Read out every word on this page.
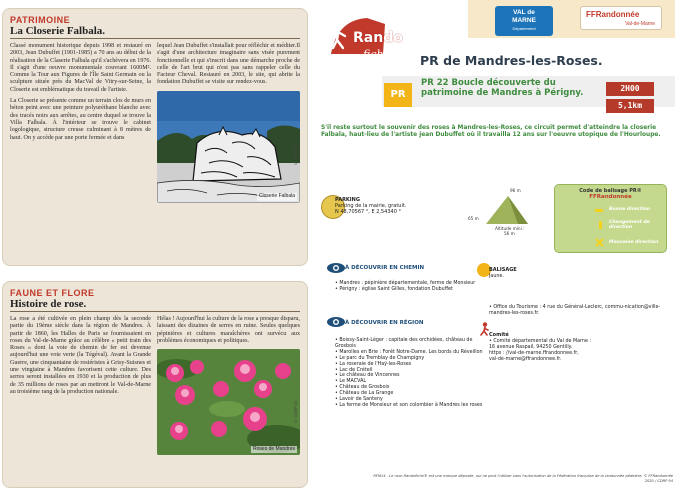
PATRIMOINE
La Closerie Falbala.

Classé monument historique depuis 1998 et restauré en 2003, Jean Dubuffet (1901-1985) a 70 ans au début de la réalisation de la Claserie Falbala qu'il s'achèvera en 1976. Il s'agit d'une oeuvre monumentale couvrant 1600M². Comme la Tour aux Figures de l'Île Saint Germain ou la sculpture située près du MacVal de Vitry-sur-Seine, la Closerie est emblématique du travail de l'artiste.

La Closerie se présente comme un terrain clos de murs en béton peint avec une peinture polyuréthane blanche avec des tracés noirs aux arrêtes, au centre duquel se trouve la Villa Falbala. À l'intérieur se trouve le cabinet logologique, structure creuse culminant à 8 mètres de haut. On y accède par une porte fermée et dans

lequel Jean Dubuffet s'installait pour réfléchir et méditer.Il s'agit d'une architecture imaginaire sans visée purement fonctionnelle et qui s'inscrit dans une démarche proche de celle de l'art brut qui n'est pas sans rappeler celle du Facteur Cheval. Restauré en 2003, le site, qui abrite la fondation Dubuffet se visite sur rendez-vous.

Closerie Falbala
© CDRP 94
FAUNE ET FLORE
Histoire de rose.

La rose a été cultivée en plein champ dès la seconde partie du 19ème siècle dans la région de Mandres. À partir de 1860, les Halles de Paris se fournissaient en roses du Val-de-Marne grâce au célèbre « petit train des Roses » dont la voie de chemin de fer est devenue aujourd'hui une voie verte (la Tégéval). Avant la Grande Guerre, une cinquantaine de rosiéristes à Grisy-Suisnes et une vingtaine à Mandres favorisent cette culture. Des serres seront installées en 1930 et la production de plus de 35 millions de roses par an mettront le Val-de-Marne au troisième rang de la production nationale.

Hélas ! Aujourd'hui la culture de la rose a presque disparu, laissant des dizaines de serres en ruine. Seules quelques pépinières et cultures maraîchères ont survécu aux problèmes économiques et politiques.

Roses de Mandres
© CDRP 94
Rando
fiche
VAL de
MARNE
Département
FFRandonnée
Val-de-Marne
PR de Mandres-les-Roses.
PR
PR 22 Boucle découverte du patrimoine de Mandres à Périgny.	2H00
5,1km
S'il reste surtout le souvenir des roses à Mandres-les-Roses, ce circuit permet d'atteindre la closerie Falbala, haut-lieu de l'artiste jean Dubuffet où il travailla 12 ans sur l'oeuvre utopique de l'Hourloupe.
PARKING
Parking de la mairie, gratuit.
N 48,70567 °, E 2,54340 °
96 m
65 m
Altitude mini :
56 m
Code de balisage PR®
FFRandonnée
Bonne direction
Changement de direction
Mauvaise direction
À DÉCOUVRIR EN CHEMIN
• Mandres : pépinière départementale, ferme de Monsieur
• Périgny : église Saint Gilles, fondation Dubuffet
À DÉCOUVRIR EN RÉGION
• Boissy-Saint-Léger : capitale des orchidées, château de Grosbois
• Marolles en Brie : Forêt Notre-Dame. Les bords du Réveillon
• Le parc du Tremblay de Champigny
• La roseraie de l'Haÿ-les-Roses
• Lac de Créteil
• Le château de Vincennes
• Le MACVAL
• Château de Grosbois
• Château de La Grange
• Lavoir de Santeny
• La ferme de Monsieur et son colombier à Mandres les roses
BALISAGE
Jaune.
• Office du Tourisme : 4 rue du Général-Leclerc, commu-nication@ville-mandres-les-roses.fr.
Comité
• Comité départemental du Val de Marne :
16 avenue Raspail, 94250 Gentilly.
https : //val-de-marne.ffrandonnee.fr,
val-de-marne@ffrandonnee.fr.
RFM14 - Le nom Randofiche® est une marque déposée, nul ne peut l'utiliser sans l'autorisation de la Fédération française de la randonnée pédestre. © FFRandonnée 2020 / CDRP 94
